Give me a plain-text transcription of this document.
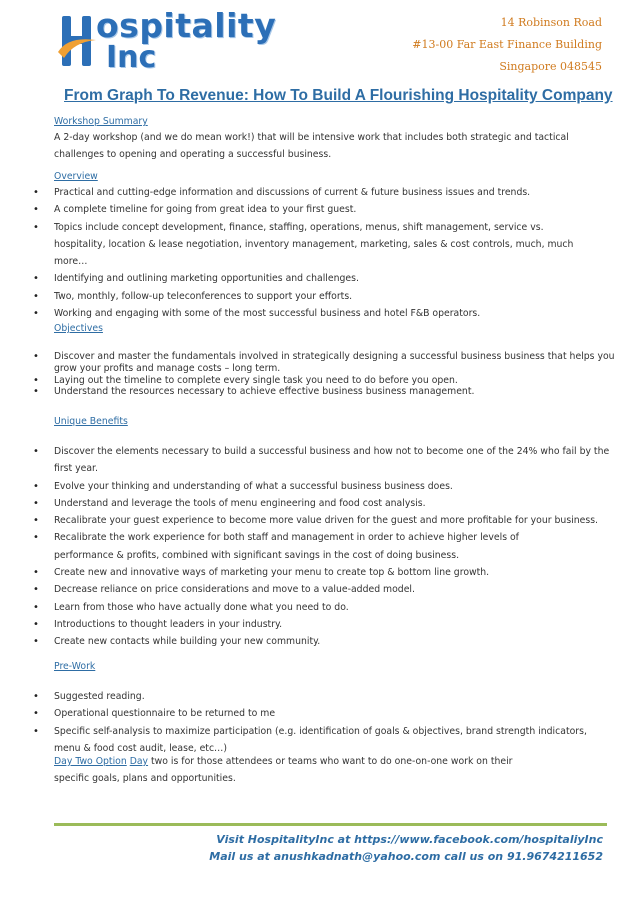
ospitality
Inc
14 Robinson Road
#13-00 Far East Finance Building
Singapore 048545
From Graph To Revenue: How To Build A Flourishing Hospitality Company
Workshop Summary
A 2-day workshop (and we do mean work!) that will be intensive work that includes both strategic and tactical challenges to opening and operating a successful business.
Overview
• Practical and cutting-edge information and discussions of current & future business issues and trends.
• A complete timeline for going from great idea to your first guest.
• Topics include concept development, finance, staffing, operations, menus, shift management, service vs. hospitality, location & lease negotiation, inventory management, marketing, sales & cost controls, much, much more…
• Identifying and outlining marketing opportunities and challenges.
• Two, monthly, follow-up teleconferences to support your efforts.
• Working and engaging with some of the most successful business and hotel F&B operators.
Objectives
• Discover and master the fundamentals involved in strategically designing a successful business business that helps you grow your profits and manage costs – long term.
• Laying out the timeline to complete every single task you need to do before you open.
• Understand the resources necessary to achieve effective business business management.
Unique Benefits
• Discover the elements necessary to build a successful business and how not to become one of the 24% who fail by the first year.
• Evolve your thinking and understanding of what a successful business business does.
• Understand and leverage the tools of menu engineering and food cost analysis.
• Recalibrate your guest experience to become more value driven for the guest and more profitable for your business.
• Recalibrate the work experience for both staff and management in order to achieve higher levels of performance & profits, combined with significant savings in the cost of doing business.
• Create new and innovative ways of marketing your menu to create top & bottom line growth.
• Decrease reliance on price considerations and move to a value-added model.
• Learn from those who have actually done what you need to do.
• Introductions to thought leaders in your industry.
• Create new contacts while building your new community.
Pre-Work
• Suggested reading.
• Operational questionnaire to be returned to me
• Specific self-analysis to maximize participation (e.g. identification of goals & objectives, brand strength indicators, menu & food cost audit, lease, etc…)
Day Two Option Day two is for those attendees or teams who want to do one-on-one work on their specific goals, plans and opportunities.
Visit HospitalityInc at https://www.facebook.com/hospitaliyInc
Mail us at anushkadnath@yahoo.com call us on 91.9674211652
